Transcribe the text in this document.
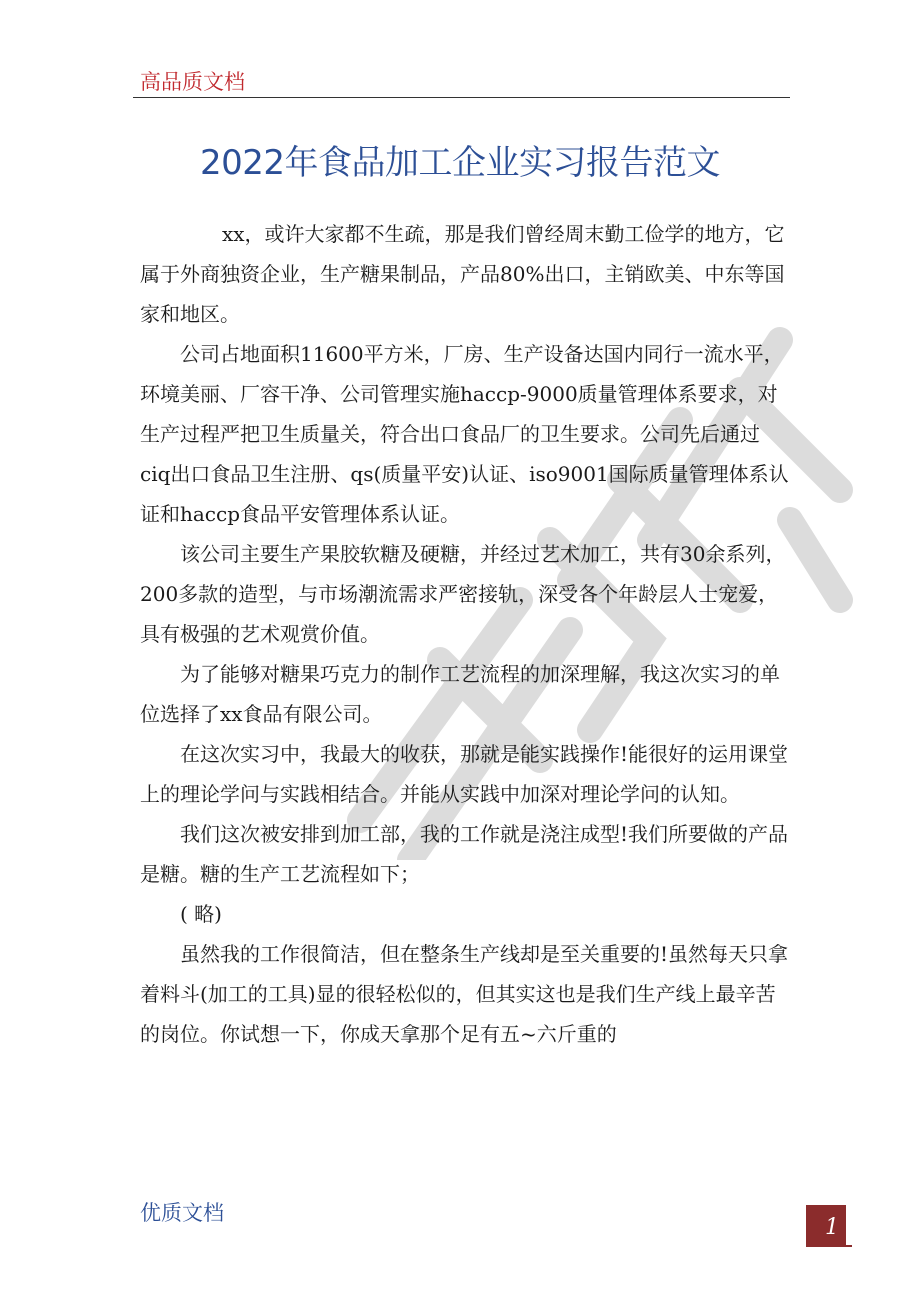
高品质文档
2022年食品加工企业实习报告范文

xx，或许大家都不生疏，那是我们曾经周末勤工俭学的地方，它属于外商独资企业，生产糖果制品，产品80%出口，主销欧美、中东等国家和地区。

公司占地面积11600平方米，厂房、生产设备达国内同行一流水平，环境美丽、厂容干净、公司管理实施haccp-9000质量管理体系要求，对生产过程严把卫生质量关，符合出口食品厂的卫生要求。公司先后通过ciq出口食品卫生注册、qs(质量平安)认证、iso9001国际质量管理体系认证和haccp食品平安管理体系认证。

该公司主要生产果胶软糖及硬糖，并经过艺术加工，共有30余系列，200多款的造型，与市场潮流需求严密接轨，深受各个年龄层人士宠爱，具有极强的艺术观赏价值。

为了能够对糖果巧克力的制作工艺流程的加深理解，我这次实习的单位选择了xx食品有限公司。

在这次实习中，我最大的收获，那就是能实践操作!能很好的运用课堂上的理论学问与实践相结合。并能从实践中加深对理论学问的认知。

我们这次被安排到加工部，我的工作就是浇注成型!我们所要做的产品是糖。糖的生产工艺流程如下；

( 略)

虽然我的工作很简洁，但在整条生产线却是至关重要的!虽然每天只拿着料斗(加工的工具)显的很轻松似的，但其实这也是我们生产线上最辛苦的岗位。你试想一下，你成天拿那个足有五~六斤重的

优质文档
1
